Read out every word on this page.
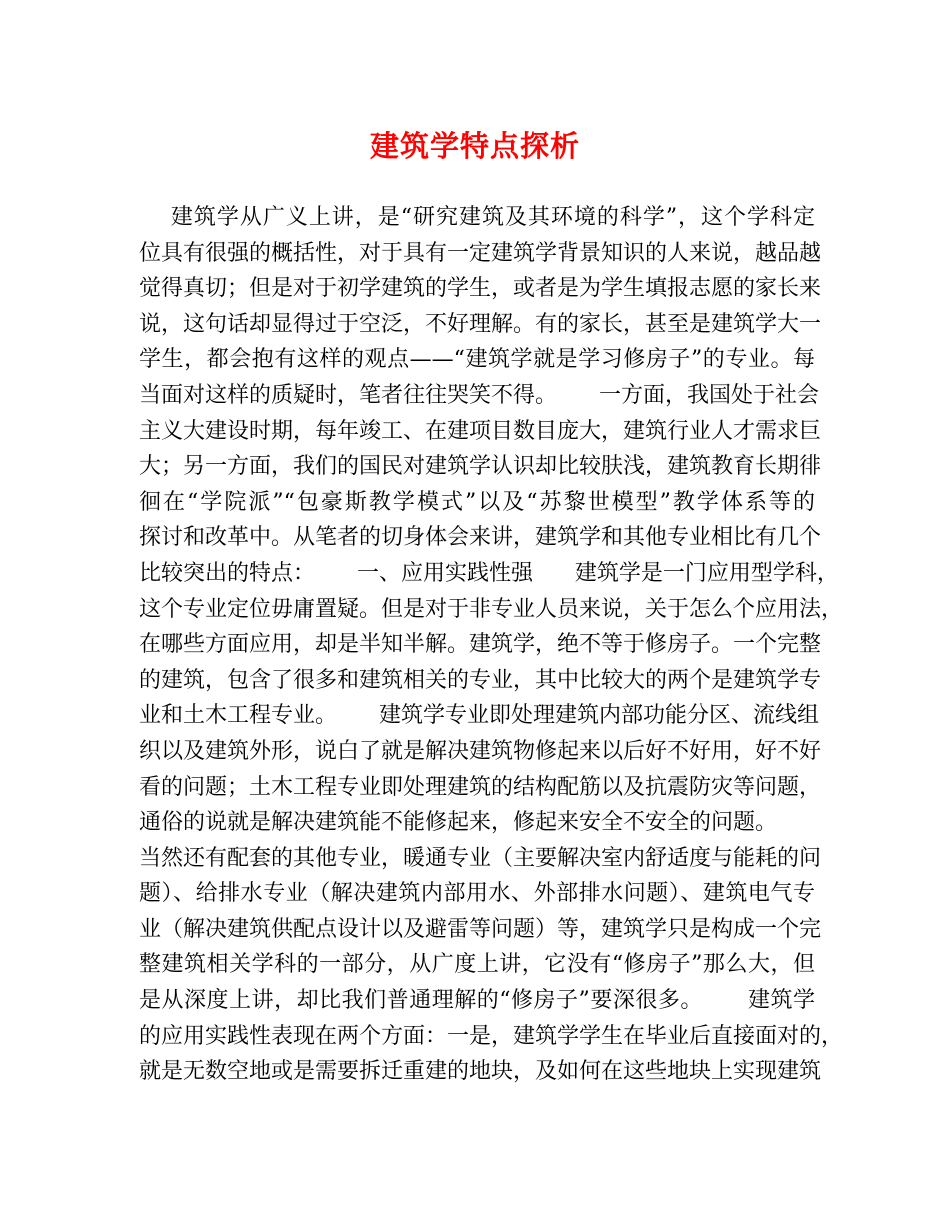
建筑学特点探析
建筑学从广义上讲，是“研究建筑及其环境的科学”，这个学科定
位具有很强的概括性，对于具有一定建筑学背景知识的人来说，越品越
觉得真切；但是对于初学建筑的学生，或者是为学生填报志愿的家长来
说，这句话却显得过于空泛，不好理解。有的家长，甚至是建筑学大一
学生，都会抱有这样的观点——“建筑学就是学习修房子”的专业。每
当面对这样的质疑时，笔者往往哭笑不得。      一方面，我国处于社会
主义大建设时期，每年竣工、在建项目数目庞大，建筑行业人才需求巨
大；另一方面，我们的国民对建筑学认识却比较肤浅，建筑教育长期徘
徊在“学院派”“包豪斯教学模式”以及“苏黎世模型”教学体系等的
探讨和改革中。从笔者的切身体会来讲，建筑学和其他专业相比有几个
比较突出的特点：      一、应用实践性强      建筑学是一门应用型学科，
这个专业定位毋庸置疑。但是对于非专业人员来说，关于怎么个应用法，
在哪些方面应用，却是半知半解。建筑学，绝不等于修房子。一个完整
的建筑，包含了很多和建筑相关的专业，其中比较大的两个是建筑学专
业和土木工程专业。      建筑学专业即处理建筑内部功能分区、流线组
织以及建筑外形，说白了就是解决建筑物修起来以后好不好用，好不好
看的问题；土木工程专业即处理建筑的结构配筋以及抗震防灾等问题，
通俗的说就是解决建筑能不能修起来，修起来安全不安全的问题。
当然还有配套的其他专业，暖通专业（主要解决室内舒适度与能耗的问
题）、给排水专业（解决建筑内部用水、外部排水问题）、建筑电气专
业（解决建筑供配点设计以及避雷等问题）等，建筑学只是构成一个完
整建筑相关学科的一部分，从广度上讲，它没有“修房子”那么大，但
是从深度上讲，却比我们普通理解的“修房子”要深很多。      建筑学
的应用实践性表现在两个方面：一是，建筑学学生在毕业后直接面对的，
就是无数空地或是需要拆迁重建的地块，及如何在这些地块上实现建筑
